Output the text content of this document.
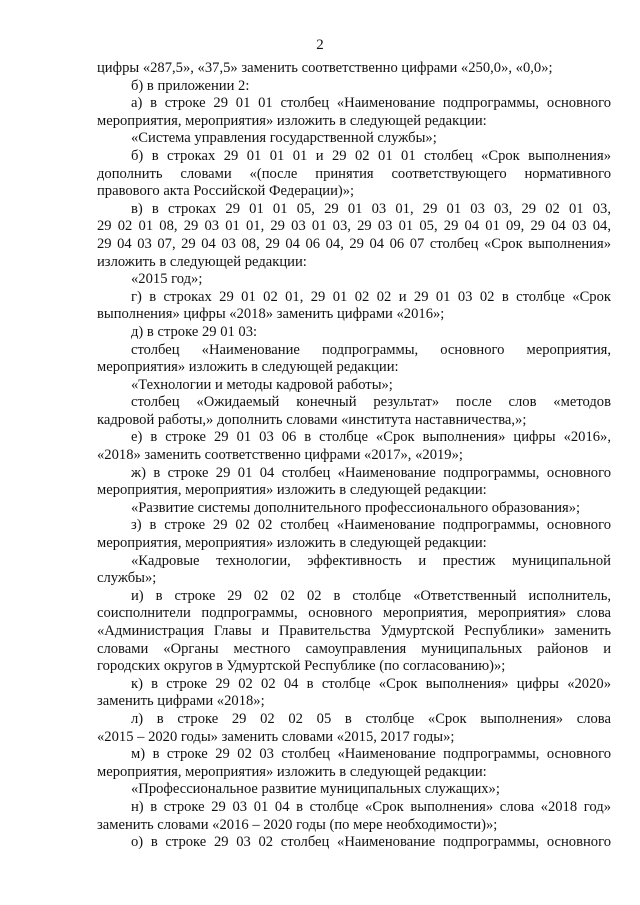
2
цифры «287,5», «37,5» заменить соответственно цифрами «250,0», «0,0»;
б) в приложении 2:
а) в строке 29 01 01 столбец «Наименование подпрограммы, основного
мероприятия, мероприятия» изложить в следующей редакции:
«Система управления государственной службы»;
б) в строках 29 01 01 01 и 29 02 01 01 столбец «Срок выполнения»
дополнить словами «(после принятия соответствующего нормативного
правового акта Российской Федерации)»;
в) в строках 29 01 01 05, 29 01 03 01, 29 01 03 03, 29 02 01 03,
29 02 01 08, 29 03 01 01, 29 03 01 03, 29 03 01 05, 29 04 01 09, 29 04 03 04,
29 04 03 07, 29 04 03 08, 29 04 06 04, 29 04 06 07 столбец «Срок выполнения»
изложить в следующей редакции:
«2015 год»;
г) в строках 29 01 02 01, 29 01 02 02 и 29 01 03 02 в столбце «Срок
выполнения» цифры «2018» заменить цифрами «2016»;
д) в строке 29 01 03:
столбец «Наименование подпрограммы, основного мероприятия,
мероприятия» изложить в следующей редакции:
«Технологии и методы кадровой работы»;
столбец «Ожидаемый конечный результат» после слов «методов
кадровой работы,» дополнить словами «института наставничества,»;
е) в строке 29 01 03 06 в столбце «Срок выполнения» цифры «2016»,
«2018» заменить соответственно цифрами «2017», «2019»;
ж) в строке 29 01 04 столбец «Наименование подпрограммы, основного
мероприятия, мероприятия» изложить в следующей редакции:
«Развитие системы дополнительного профессионального образования»;
з) в строке 29 02 02 столбец «Наименование подпрограммы, основного
мероприятия, мероприятия» изложить в следующей редакции:
«Кадровые технологии, эффективность и престиж муниципальной
службы»;
и) в строке 29 02 02 02 в столбце «Ответственный исполнитель,
соисполнители подпрограммы, основного мероприятия, мероприятия» слова
«Администрация Главы и Правительства Удмуртской Республики» заменить
словами «Органы местного самоуправления муниципальных районов и
городских округов в Удмуртской Республике (по согласованию)»;
к) в строке 29 02 02 04 в столбце «Срок выполнения» цифры «2020»
заменить цифрами «2018»;
л) в строке 29 02 02 05 в столбце «Срок выполнения» слова
«2015 – 2020 годы» заменить словами «2015, 2017 годы»;
м) в строке 29 02 03 столбец «Наименование подпрограммы, основного
мероприятия, мероприятия» изложить в следующей редакции:
«Профессиональное развитие муниципальных служащих»;
н) в строке 29 03 01 04 в столбце «Срок выполнения» слова «2018 год»
заменить словами «2016 – 2020 годы (по мере необходимости)»;
о) в строке 29 03 02 столбец «Наименование подпрограммы, основного
